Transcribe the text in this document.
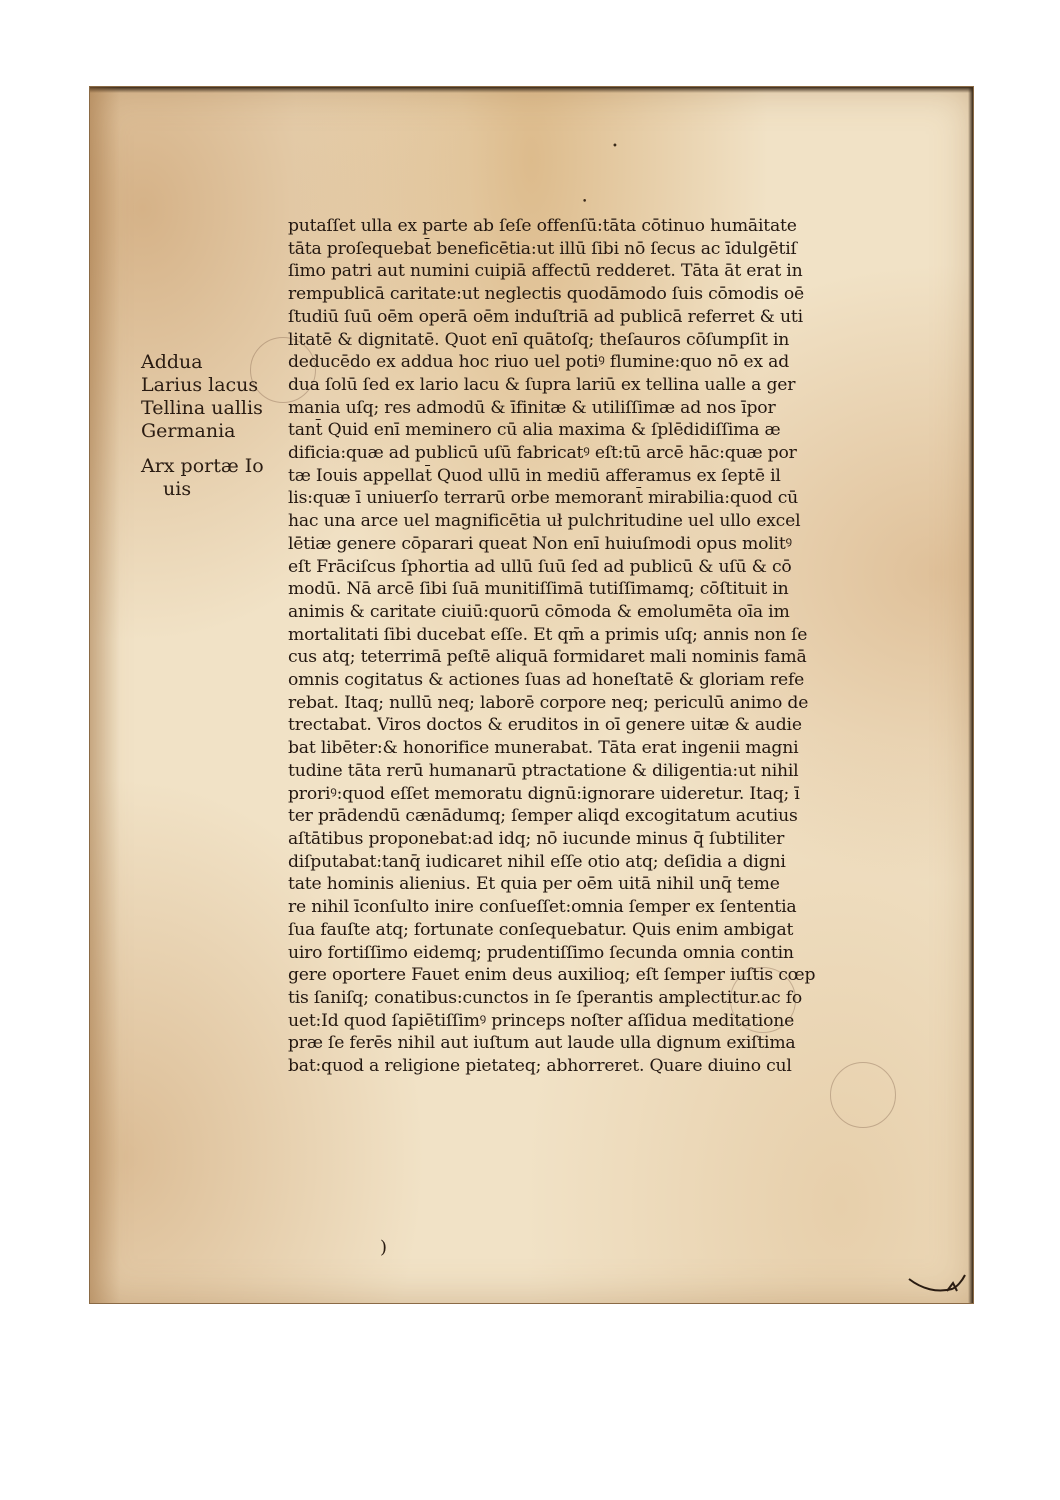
•
•
Addua
Larius lacus
Tellina uallis
Germania
Arx portæ Io
uis
putaſſet ulla ex parte ab ſeſe offenſū:tāta cōtinuo humāitate
tāta proſequebat̄ beneficētia:ut illū ſibi nō ſecus ac īdulgētiſ
ſimo patri aut numini cuipiā affectū redderet. Tāta āt erat in
rempublicā caritate:ut neglectis quodāmodo ſuis cōmodis oē
ſtudiū ſuū oēm operā oēm induſtriā ad publicā referret & uti
litatē & dignitatē. Quot enī quātoſq; theſauros cōſumpſit in
deducēdo ex addua hoc riuo uel potiꝰ flumine:quo nō ex ad
dua ſolū ſed ex lario lacu & ſupra lariū ex tellina ualle a ger
mania uſq; res admodū & īfinitæ & utiliſſimæ ad nos īpor
tant̄ Quid enī meminero cū alia maxima & ſplēdidiſſima æ
dificia:quæ ad publicū uſū fabricatꝰ eſt:tū arcē hāc:quæ por
tæ Iouis appellat̄ Quod ullū in mediū afferamus ex ſeptē il
lis:quæ ī uniuerſo terrarū orbe memorant̄ mirabilia:quod cū
hac una arce uel magnificētia uł pulchritudine uel ullo excel
lētiæ genere cōparari queat Non enī huiuſmodi opus molitꝰ
eſt Frāciſcus ſphortia ad ullū ſuū ſed ad publicū & uſū & cō
modū. Nā arcē ſibi ſuā munitiſſimā tutiſſimamq; cōſtituit in
animis & caritate ciuiū:quorū cōmoda & emolumēta oīa im
mortalitati ſibi ducebat eſſe. Et qm̄ a primis uſq; annis non ſe
cus atq; teterrimā peſtē aliquā formidaret mali nominis famā
omnis cogitatus & actiones ſuas ad honeſtatē & gloriam refe
rebat. Itaq; nullū neq; laborē corpore neq; periculū animo de
trectabat. Viros doctos & eruditos in oī genere uitæ & audie
bat libēter:& honorifice munerabat. Tāta erat ingenii magni
tudine tāta rerū humanarū ptractatione & diligentia:ut nihil
proriꝰ:quod eſſet memoratu dignū:ignorare uideretur. Itaq; ī
ter prādendū cænādumq; ſemper aliqd excogitatum acutius
aſtātibus proponebat:ad idq; nō iucunde minus q̄ ſubtiliter
diſputabat:tanq̄ iudicaret nihil eſſe otio atq; deſidia a digni
tate hominis alienius. Et quia per oēm uitā nihil unq̄ teme
re nihil īconſulto inire conſueſſet:omnia ſemper ex ſententia
ſua fauſte atq; fortunate conſequebatur. Quis enim ambigat
uiro fortiſſimo eidemq; prudentiſſimo ſecunda omnia contin
gere oportere Fauet enim deus auxilioq; eſt ſemper iuſtis cœp
tis ſaniſq; conatibus:cunctos in ſe ſperantis amplectitur.ac fo
uet:Id quod ſapiētiſſimꝰ princeps noſter aſſidua meditatione
præ ſe ferēs nihil aut iuſtum aut laude ulla dignum exiſtima
bat:quod a religione pietateq; abhorreret. Quare diuino cul
)
